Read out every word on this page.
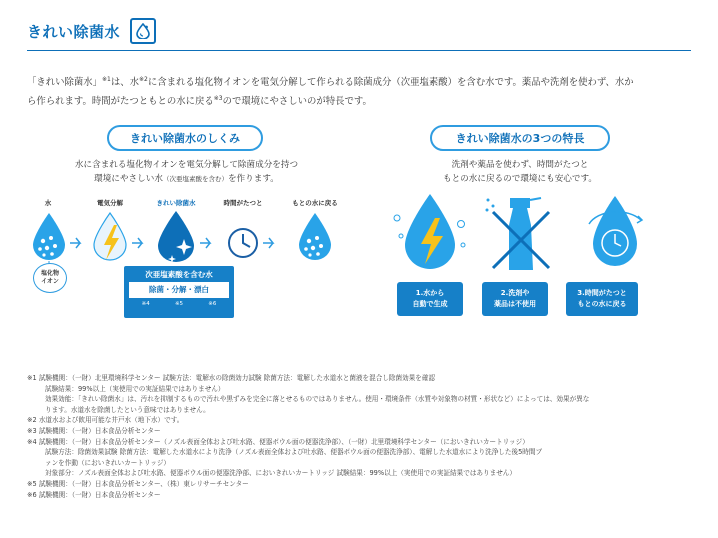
きれい除菌水
「きれい除菌水」$^{※1}$は、水$^{※2}$に含まれる塩化物イオンを電気分解して作られる除菌成分（次亜塩素酸）を含む水です。薬品や洗剤を使わず、水か
ら作られます。時間がたつともとの水に戻る$^{※3}$ので環境にやさしいのが特長です。
きれい除菌水のしくみ
水に含まれる塩化物イオンを電気分解して除菌成分を持つ
環境にやさしい水（次亜塩素酸を含む）を作ります。
水	電気分解	きれい除菌水	時間がたつと	もとの水に戻る
塩化物
イオン
次亜塩素酸を含む水
除菌・分解・漂白
※4	※5	※6
きれい除菌水の3つの特長
洗剤や薬品を使わず、時間がたつと
もとの水に戻るので環境にも安心です。
1.水から
自動で生成
2.洗剤や
薬品は不使用
3.時間がたつと
もとの水に戻る
※1 試験機関：（一財）北里環境科学センター 試験方法：電解水の除菌効力試験 除菌方法：電解した水道水と菌液を混合し除菌効果を確認
試験結果：99%以上（実使用での実証結果ではありません）
効果効能：「きれい除菌水」は、汚れを抑制するもので汚れや黒ずみを完全に落とせるものではありません。使用・環境条件（水質や対象物の材質・形状など）によっては、効果が異な
ります。水道水を除菌したという意味ではありません。
※2 水道水および飲用可能な井戸水（地下水）です。
※3 試験機関：（一財）日本食品分析センター
※4 試験機関：（一財）日本食品分析センター（ノズル表面全体および吐水路、便器ボウル面の便器洗浄部）、（一財）北里環境科学センター（においきれいカートリッジ）
試験方法：除菌効果試験 除菌方法：電解した水道水により洗浄（ノズル表面全体および吐水路、便器ボウル面の便器洗浄部）、電解した水道水により洗浄した後5時間ブ
ァンを作動（においきれいカートリッジ）
対象部分：ノズル表面全体および吐水路、便器ボウル面の便器洗浄部、においきれいカートリッジ 試験結果：99%以上（実使用での実証結果ではありません）
※5 試験機関：（一財）日本食品分析センター、（株）東レリサーチセンター
※6 試験機関：（一財）日本食品分析センター
